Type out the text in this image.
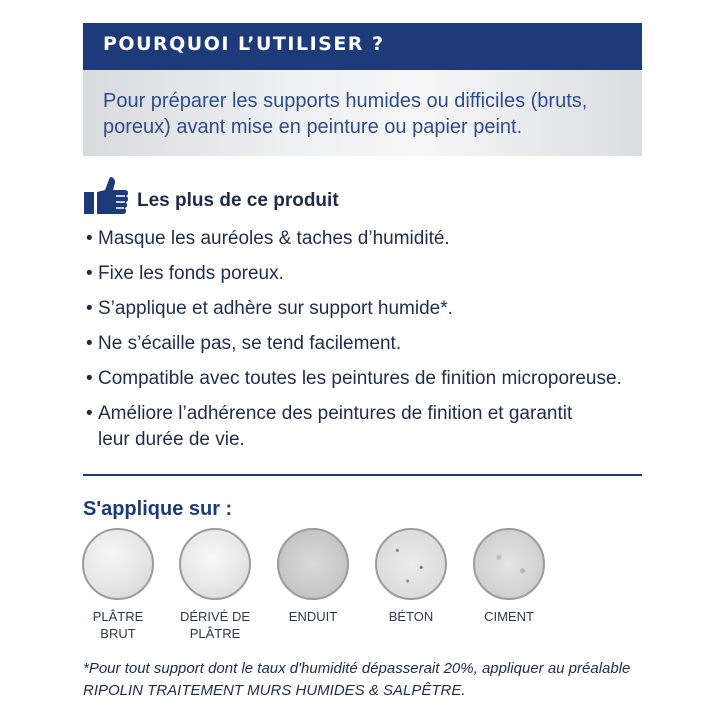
POURQUOI L’UTILISER ?
Pour préparer les supports humides ou difficiles (bruts, poreux) avant mise en peinture ou papier peint.
Les plus de ce produit
• Masque les auréoles & taches d’humidité.
• Fixe les fonds poreux.
• S’applique et adhère sur support humide*.
• Ne s’écaille pas, se tend facilement.
• Compatible avec toutes les peintures de finition microporeuse.
• Améliore l’adhérence des peintures de finition et garantit leur durée de vie.
S'applique sur :
PLÂTRE BRUT
DÉRIVÉ DE PLÂTRE
ENDUIT	BÉTON	CIMENT
*Pour tout support dont le taux d'humidité dépasserait 20%, appliquer au préalable RIPOLIN TRAITEMENT MURS HUMIDES & SALPÊTRE.
